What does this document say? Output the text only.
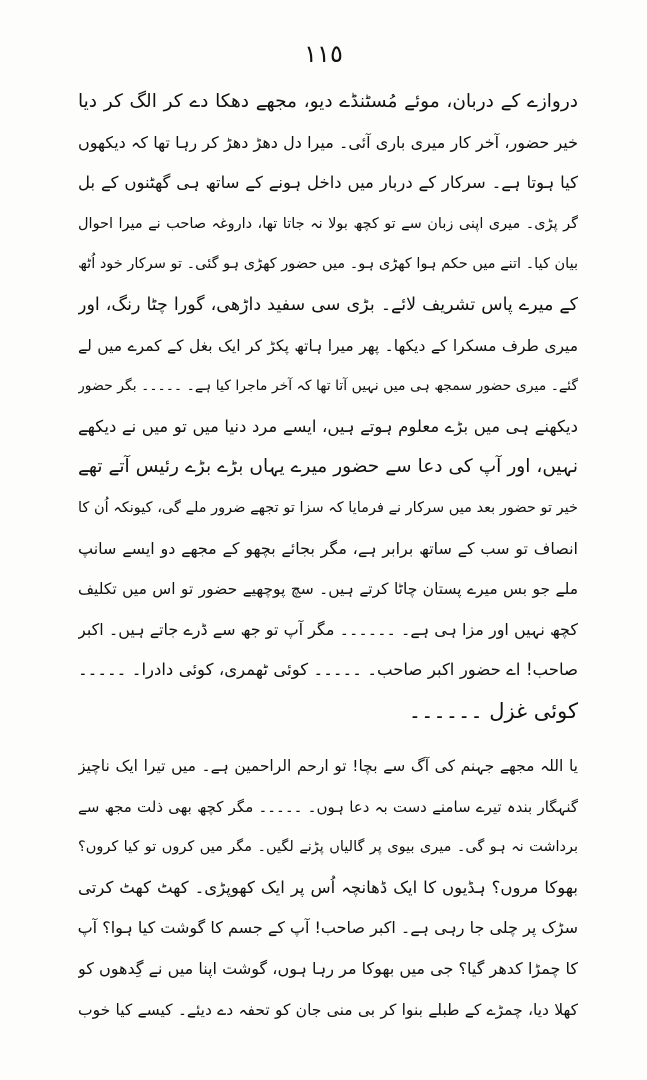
١١٥
دروازے کے دربان، موئے مُسٹنڈے دیو، مجھے دھکا دے کر الگ کر دیا
خیر حضور، آخر کار میری باری آئی۔ میرا دل دھڑ دھڑ کر رہا تھا کہ دیکھوں
کیا ہوتا ہے۔ سرکار کے دربار میں داخل ہونے کے ساتھ ہی گھٹنوں کے بل
گر پڑی۔ میری اپنی زبان سے تو کچھ بولا نہ جاتا تھا، داروغہ صاحب نے میرا احوال
بیان کیا۔ اتنے میں حکم ہوا کھڑی ہو۔ میں حضور کھڑی ہو گئی۔ تو سرکار خود اُٹھ
کے میرے پاس تشریف لائے۔ بڑی سی سفید داڑھی، گورا چٹا رنگ، اور
میری طرف مسکرا کے دیکھا۔ پھر میرا ہاتھ پکڑ کر ایک بغل کے کمرے میں لے
گئے۔ میری حضور سمجھ ہی میں نہیں آتا تھا کہ آخر ماجرا کیا ہے۔ ۔۔۔۔۔ بگر حضور
دیکھنے ہی میں بڑے معلوم ہوتے ہیں، ایسے مرد دنیا میں تو میں نے دیکھے
نہیں، اور آپ کی دعا سے حضور میرے یہاں بڑے بڑے رئیس آتے تھے
خیر تو حضور بعد میں سرکار نے فرمایا کہ سزا تو تجھے ضرور ملے گی، کیونکہ اُن کا
انصاف تو سب کے ساتھ برابر ہے، مگر بجائے بچھو کے مجھے دو ایسے سانپ
ملے جو بس میرے پستان چاٹا کرتے ہیں۔ سچ پوچھیے حضور تو اس میں تکلیف
کچھ نہیں اور مزا ہی ہے۔ ۔۔۔۔۔۔ مگر آپ تو جھ سے ڈرے جاتے ہیں۔ اکبر
صاحب! اے حضور اکبر صاحب۔ ۔۔۔۔۔ کوئی ٹھمری، کوئی دادرا۔ ۔۔۔۔۔
کوئی غزل ۔۔۔۔۔۔
یا اللہ مجھے جہنم کی آگ سے بچا! تو ارحم الراحمین ہے۔ میں تیرا ایک ناچیز
گنہگار بندہ تیرے سامنے دست بہ دعا ہوں۔ ۔۔۔۔۔ مگر کچھ بھی ذلت مجھ سے
برداشت نہ ہو گی۔ میری بیوی پر گالیاں پڑنے لگیں۔ مگر میں کروں تو کیا کروں؟
بھوکا مروں؟ ہڈیوں کا ایک ڈھانچہ اُس پر ایک کھوپڑی۔ کھٹ کھٹ کرتی
سڑک پر چلی جا رہی ہے۔ اکبر صاحب! آپ کے جسم کا گوشت کیا ہوا؟ آپ
کا چمڑا کدھر گیا؟ جی میں بھوکا مر رہا ہوں، گوشت اپنا میں نے گِدھوں کو
کھلا دیا، چمڑے کے طبلے بنوا کر بی منی جان کو تحفہ دے دیئے۔ کیسے کیا خوب
